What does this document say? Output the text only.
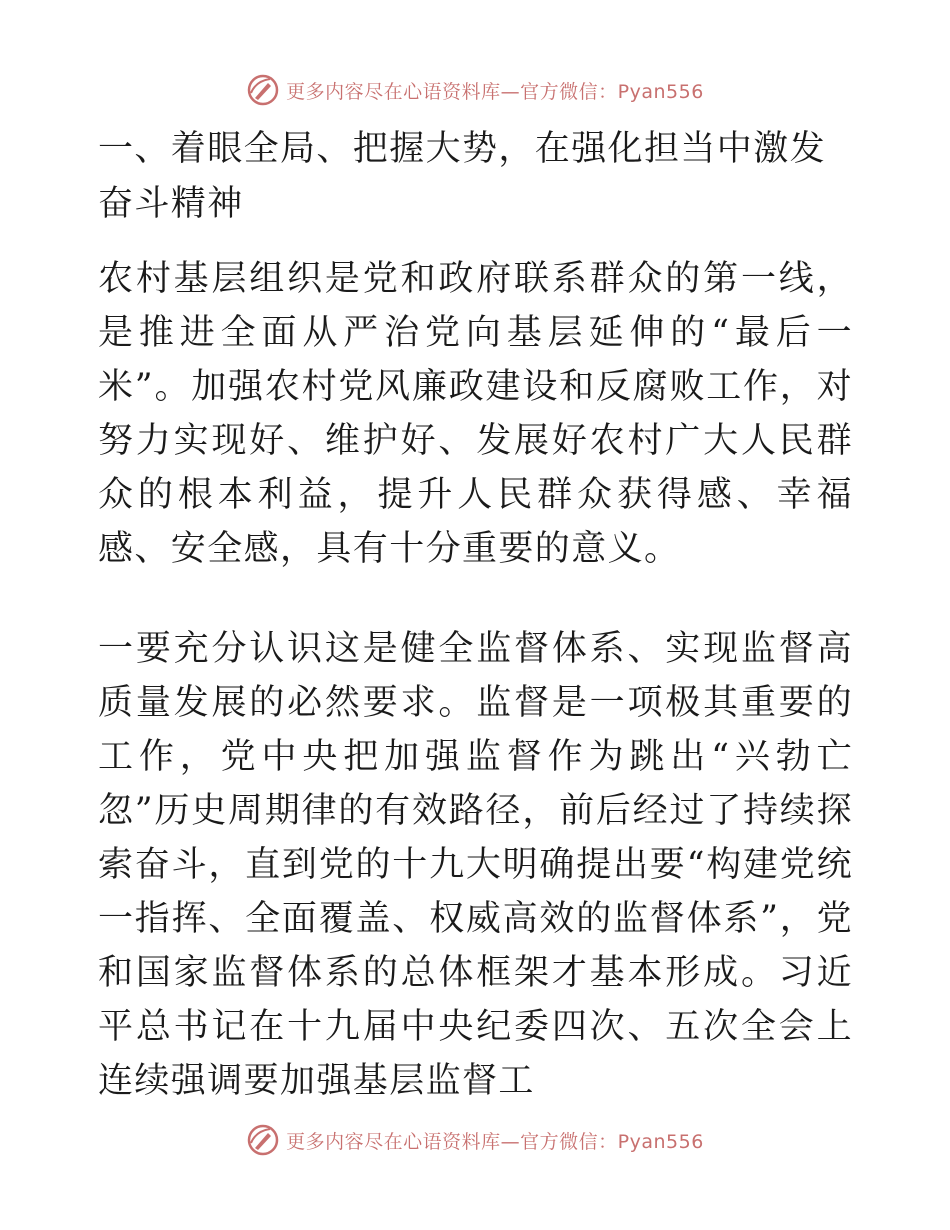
更多内容尽在心语资料库—官方微信：Pyan556
一、着眼全局、把握大势，在强化担当中激发奋斗精神

农村基层组织是党和政府联系群众的第一线，是推进全面从严治党向基层延伸的“最后一米”。加强农村党风廉政建设和反腐败工作，对努力实现好、维护好、发展好农村广大人民群众的根本利益，提升人民群众获得感、幸福感、安全感，具有十分重要的意义。

一要充分认识这是健全监督体系、实现监督高质量发展的必然要求。监督是一项极其重要的工作，党中央把加强监督作为跳出“兴勃亡忽”历史周期律的有效路径，前后经过了持续探索奋斗，直到党的十九大明确提出要“构建党统一指挥、全面覆盖、权威高效的监督体系”，党和国家监督体系的总体框架才基本形成。习近平总书记在十九届中央纪委四次、五次全会上连续强调要加强基层监督工

更多内容尽在心语资料库—官方微信：Pyan556
